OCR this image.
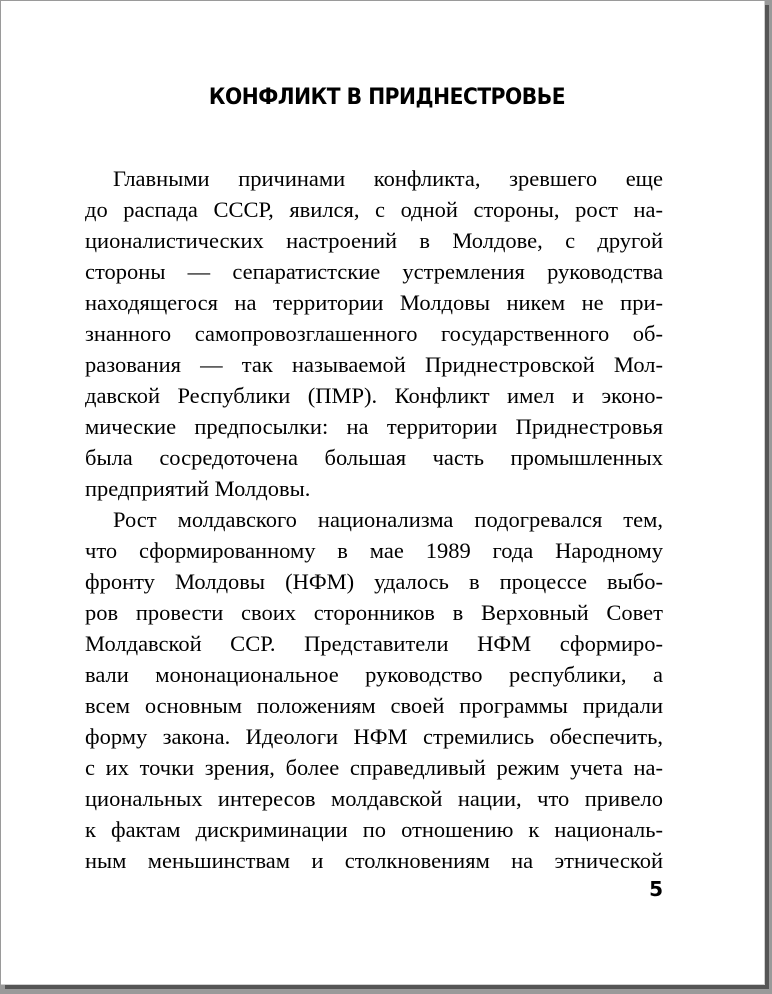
КОНФЛИКТ В ПРИДНЕСТРОВЬЕ
Главными причинами конфликта, зревшего еще
до распада СССР, явился, с одной стороны, рост на-
ционалистических настроений в Молдове, с другой
стороны — сепаратистские устремления руководства
находящегося на территории Молдовы никем не при-
знанного самопровозглашенного государственного об-
разования — так называемой Приднестровской Мол-
давской Республики (ПМР). Конфликт имел и эконо-
мические предпосылки: на территории Приднестровья
была сосредоточена большая часть промышленных
предприятий Молдовы.
Рост молдавского национализма подогревался тем,
что сформированному в мае 1989 года Народному
фронту Молдовы (НФМ) удалось в процессе выбо-
ров провести своих сторонников в Верховный Совет
Молдавской ССР. Представители НФМ сформиро-
вали мононациональное руководство республики, а
всем основным положениям своей программы придали
форму закона. Идеологи НФМ стремились обеспечить,
с их точки зрения, более справедливый режим учета на-
циональных интересов молдавской нации, что привело
к фактам дискриминации по отношению к националь-
ным меньшинствам и столкновениям на этнической
5
